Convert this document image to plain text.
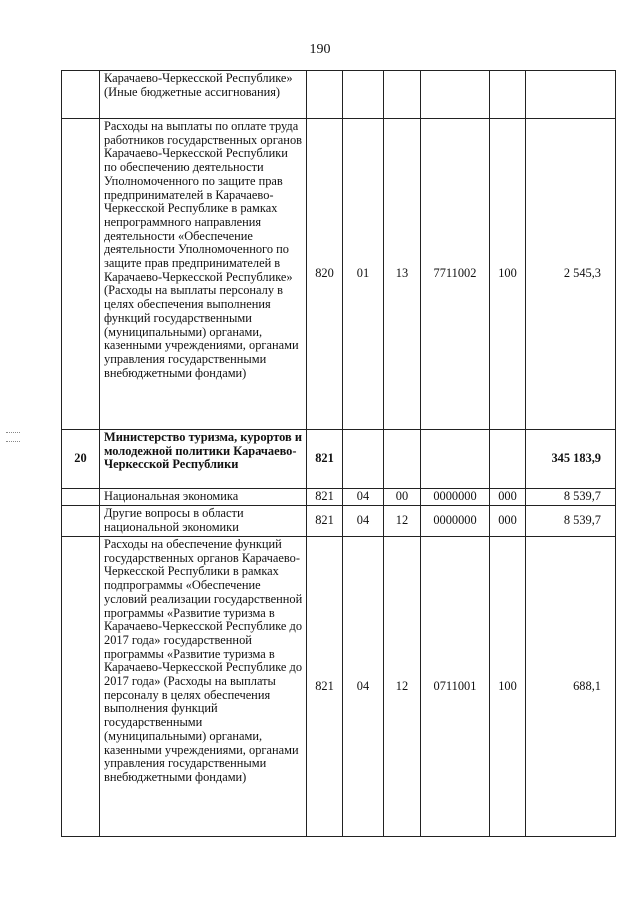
190
	Карачаево-Черкесской Республике» (Иные бюджетные ассигнования)						
	Расходы на выплаты по оплате труда работников государственных органов Карачаево-Черкесской Республики по обеспечению деятельности Уполномоченного по защите прав предпринимателей в Карачаево-Черкесской Республике в рамках непрограммного направления деятельности «Обеспечение деятельности Уполномоченного по защите прав предпринимателей в Карачаево-Черкесской Республике» (Расходы на выплаты персоналу в целях обеспечения выполнения функций государственными (муниципальными) органами, казенными учреждениями, органами управления государственными внебюджетными фондами)	820	01	13	7711002	100	2 545,3
20	Министерство туризма, курортов и молодежной политики Карачаево-Черкесской Республики	821					345 183,9
	Национальная экономика	821	04	00	0000000	000	8 539,7
	Другие вопросы в области национальной экономики	821	04	12	0000000	000	8 539,7
	Расходы на обеспечение функций государственных органов Карачаево-Черкесской Республики в рамках подпрограммы «Обеспечение условий реализации государственной программы «Развитие туризма в Карачаево-Черкесской Республике до 2017 года» государственной программы «Развитие туризма в Карачаево-Черкесской Республике до 2017 года» (Расходы на выплаты персоналу в целях обеспечения выполнения функций государственными (муниципальными) органами, казенными учреждениями, органами управления государственными внебюджетными фондами)	821	04	12	0711001	100	688,1
